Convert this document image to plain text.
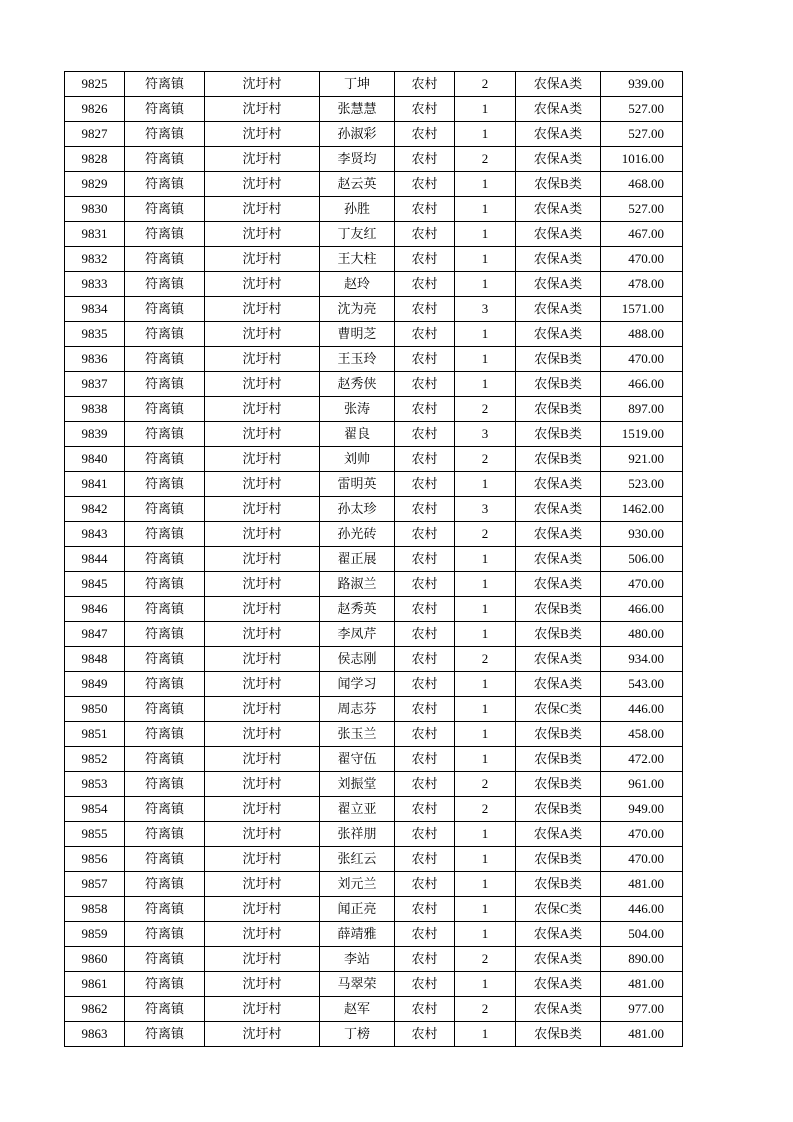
9825	符离镇	沈圩村	丁坤	农村	2	农保A类	939.00
9826	符离镇	沈圩村	张慧慧	农村	1	农保A类	527.00
9827	符离镇	沈圩村	孙淑彩	农村	1	农保A类	527.00
9828	符离镇	沈圩村	李贤均	农村	2	农保A类	1016.00
9829	符离镇	沈圩村	赵云英	农村	1	农保B类	468.00
9830	符离镇	沈圩村	孙胜	农村	1	农保A类	527.00
9831	符离镇	沈圩村	丁友红	农村	1	农保A类	467.00
9832	符离镇	沈圩村	王大柱	农村	1	农保A类	470.00
9833	符离镇	沈圩村	赵玲	农村	1	农保A类	478.00
9834	符离镇	沈圩村	沈为亮	农村	3	农保A类	1571.00
9835	符离镇	沈圩村	曹明芝	农村	1	农保A类	488.00
9836	符离镇	沈圩村	王玉玲	农村	1	农保B类	470.00
9837	符离镇	沈圩村	赵秀侠	农村	1	农保B类	466.00
9838	符离镇	沈圩村	张涛	农村	2	农保B类	897.00
9839	符离镇	沈圩村	翟良	农村	3	农保B类	1519.00
9840	符离镇	沈圩村	刘帅	农村	2	农保B类	921.00
9841	符离镇	沈圩村	雷明英	农村	1	农保A类	523.00
9842	符离镇	沈圩村	孙太珍	农村	3	农保A类	1462.00
9843	符离镇	沈圩村	孙光砖	农村	2	农保A类	930.00
9844	符离镇	沈圩村	翟正展	农村	1	农保A类	506.00
9845	符离镇	沈圩村	路淑兰	农村	1	农保A类	470.00
9846	符离镇	沈圩村	赵秀英	农村	1	农保B类	466.00
9847	符离镇	沈圩村	李凤芹	农村	1	农保B类	480.00
9848	符离镇	沈圩村	侯志刚	农村	2	农保A类	934.00
9849	符离镇	沈圩村	闻学习	农村	1	农保A类	543.00
9850	符离镇	沈圩村	周志芬	农村	1	农保C类	446.00
9851	符离镇	沈圩村	张玉兰	农村	1	农保B类	458.00
9852	符离镇	沈圩村	翟守伍	农村	1	农保B类	472.00
9853	符离镇	沈圩村	刘振堂	农村	2	农保B类	961.00
9854	符离镇	沈圩村	翟立亚	农村	2	农保B类	949.00
9855	符离镇	沈圩村	张祥朋	农村	1	农保A类	470.00
9856	符离镇	沈圩村	张红云	农村	1	农保B类	470.00
9857	符离镇	沈圩村	刘元兰	农村	1	农保B类	481.00
9858	符离镇	沈圩村	闻正亮	农村	1	农保C类	446.00
9859	符离镇	沈圩村	薛靖雅	农村	1	农保A类	504.00
9860	符离镇	沈圩村	李站	农村	2	农保A类	890.00
9861	符离镇	沈圩村	马翠荣	农村	1	农保A类	481.00
9862	符离镇	沈圩村	赵军	农村	2	农保A类	977.00
9863	符离镇	沈圩村	丁榜	农村	1	农保B类	481.00
